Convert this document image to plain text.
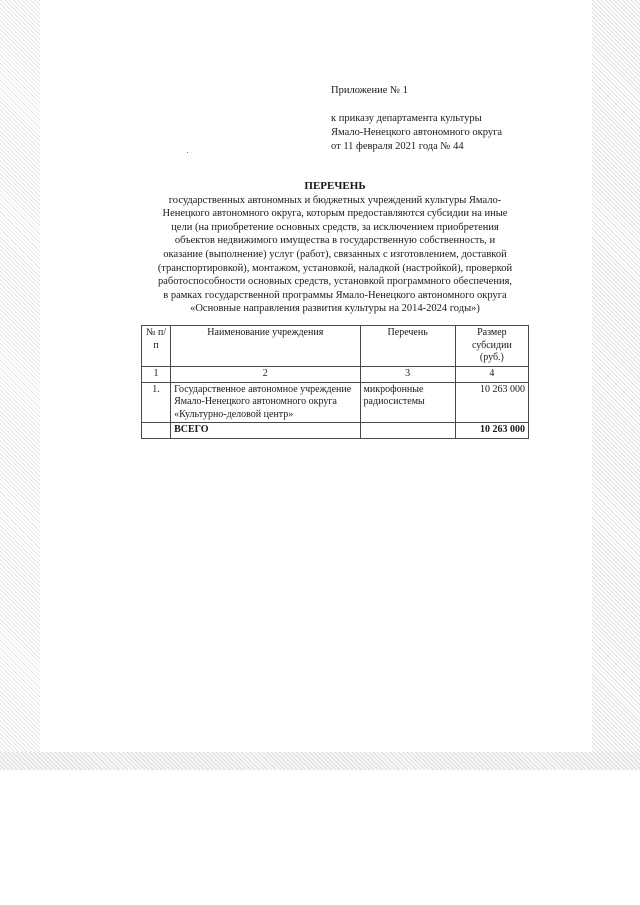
Приложение № 1
к приказу департамента культуры
Ямало-Ненецкого автономного округа
от 11 февраля 2021 года № 44
ПЕРЕЧЕНЬ
государственных автономных и бюджетных учреждений культуры Ямало-
Ненецкого автономного округа, которым предоставляются субсидии на иные
цели (на приобретение основных средств, за исключением приобретения
объектов недвижимого имущества в государственную собственность, и
оказание (выполнение) услуг (работ), связанных с изготовлением, доставкой
(транспортировкой), монтажом, установкой, наладкой (настройкой), проверкой
работоспособности основных средств, установкой программного обеспечения,
в рамках государственной программы Ямало-Ненецкого автономного округа
«Основные направления развития культуры на 2014-2024 годы»)
№ п/п	Наименование учреждения	Перечень	Размер субсидии (руб.)
1	2	3	4
1.	Государственное автономное учреждение Ямало-Ненецкого автономного округа «Культурно-деловой центр»	микрофонные радиосистемы	10 263 000
	ВСЕГО		10 263 000
